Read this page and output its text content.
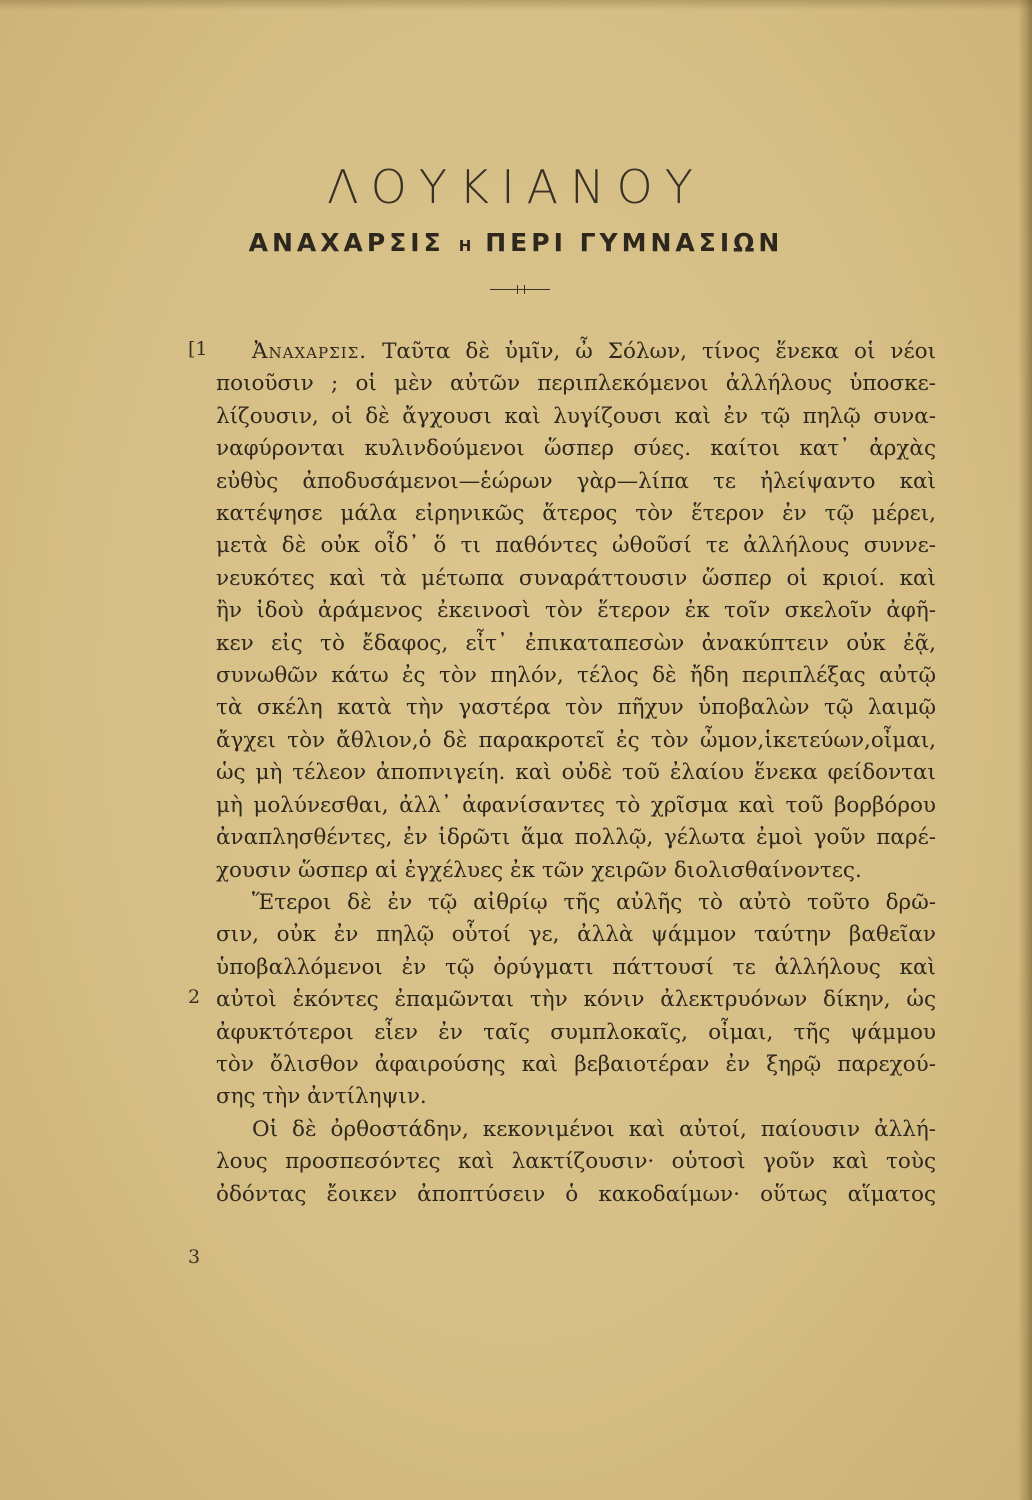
ΛΟΥΚΙΑΝΟΥ
ΑΝΑΧΑΡΣΙΣ Η ΠΕΡΙ ΓΥΜΝΑΣΙΩΝ
[1
2
3
Ἀναχαρσις. Ταῦτα δὲ ὑμῖν, ὦ Σόλων, τίνος ἕνεκα οἱ νέοι
ποιοῦσιν ; οἱ μὲν αὐτῶν περιπλεκόμενοι ἀλλήλους ὑποσκε-
λίζουσιν, οἱ δὲ ἄγχουσι καὶ λυγίζουσι καὶ ἐν τῷ πηλῷ συνα-
ναφύρονται κυλινδούμενοι ὥσπερ σύες. καίτοι κατ᾿ ἀρχὰς
εὐθὺς ἀποδυσάμενοι—ἑώρων γὰρ—λίπα τε ἠλείψαντο καὶ
κατέψησε μάλα εἰρηνικῶς ἅτερος τὸν ἕτερον ἐν τῷ μέρει,
μετὰ δὲ οὐκ οἶδ᾿ ὅ τι παθόντες ὠθοῦσί τε ἀλλήλους συννε-
νευκότες καὶ τὰ μέτωπα συναράττουσιν ὥσπερ οἱ κριοί. καὶ
ἢν ἰδοὺ ἀράμενος ἐκεινοσὶ τὸν ἕτερον ἐκ τοῖν σκελοῖν ἀφῆ-
κεν εἰς τὸ ἔδαφος, εἶτ᾿ ἐπικαταπεσὼν ἀνακύπτειν οὐκ ἐᾷ,
συνωθῶν κάτω ἐς τὸν πηλόν, τέλος δὲ ἤδη περιπλέξας αὐτῷ
τὰ σκέλη κατὰ τὴν γαστέρα τὸν πῆχυν ὑποβαλὼν τῷ λαιμῷ
ἄγχει τὸν ἄθλιον,ὁ δὲ παρακροτεῖ ἐς τὸν ὦμον,ἱκετεύων,οἶμαι,
ὡς μὴ τέλεον ἀποπνιγείη. καὶ οὐδὲ τοῦ ἐλαίου ἕνεκα φείδονται
μὴ μολύνεσθαι, ἀλλ᾿ ἀφανίσαντες τὸ χρῖσμα καὶ τοῦ βορβόρου
ἀναπλησθέντες, ἐν ἱδρῶτι ἅμα πολλῷ, γέλωτα ἐμοὶ γοῦν παρέ-
χουσιν ὥσπερ αἱ ἐγχέλυες ἐκ τῶν χειρῶν διολισθαίνοντες.
Ἕτεροι δὲ ἐν τῷ αἰθρίῳ τῆς αὐλῆς τὸ αὐτὸ τοῦτο δρῶ-
σιν, οὐκ ἐν πηλῷ οὗτοί γε, ἀλλὰ ψάμμον ταύτην βαθεῖαν
ὑποβαλλόμενοι ἐν τῷ ὀρύγματι πάττουσί τε ἀλλήλους καὶ
αὐτοὶ ἑκόντες ἐπαμῶνται τὴν κόνιν ἀλεκτρυόνων δίκην, ὡς
ἀφυκτότεροι εἶεν ἐν ταῖς συμπλοκαῖς, οἶμαι, τῆς ψάμμου
τὸν ὄλισθον ἀφαιρούσης καὶ βεβαιοτέραν ἐν ξηρῷ παρεχού-
σης τὴν ἀντίληψιν.
Οἱ δὲ ὀρθοστάδην, κεκονιμένοι καὶ αὐτοί, παίουσιν ἀλλή-
λους προσπεσόντες καὶ λακτίζουσιν· οὑτοσὶ γοῦν καὶ τοὺς
ὀδόντας ἔοικεν ἀποπτύσειν ὁ κακοδαίμων· οὕτως αἵματος
